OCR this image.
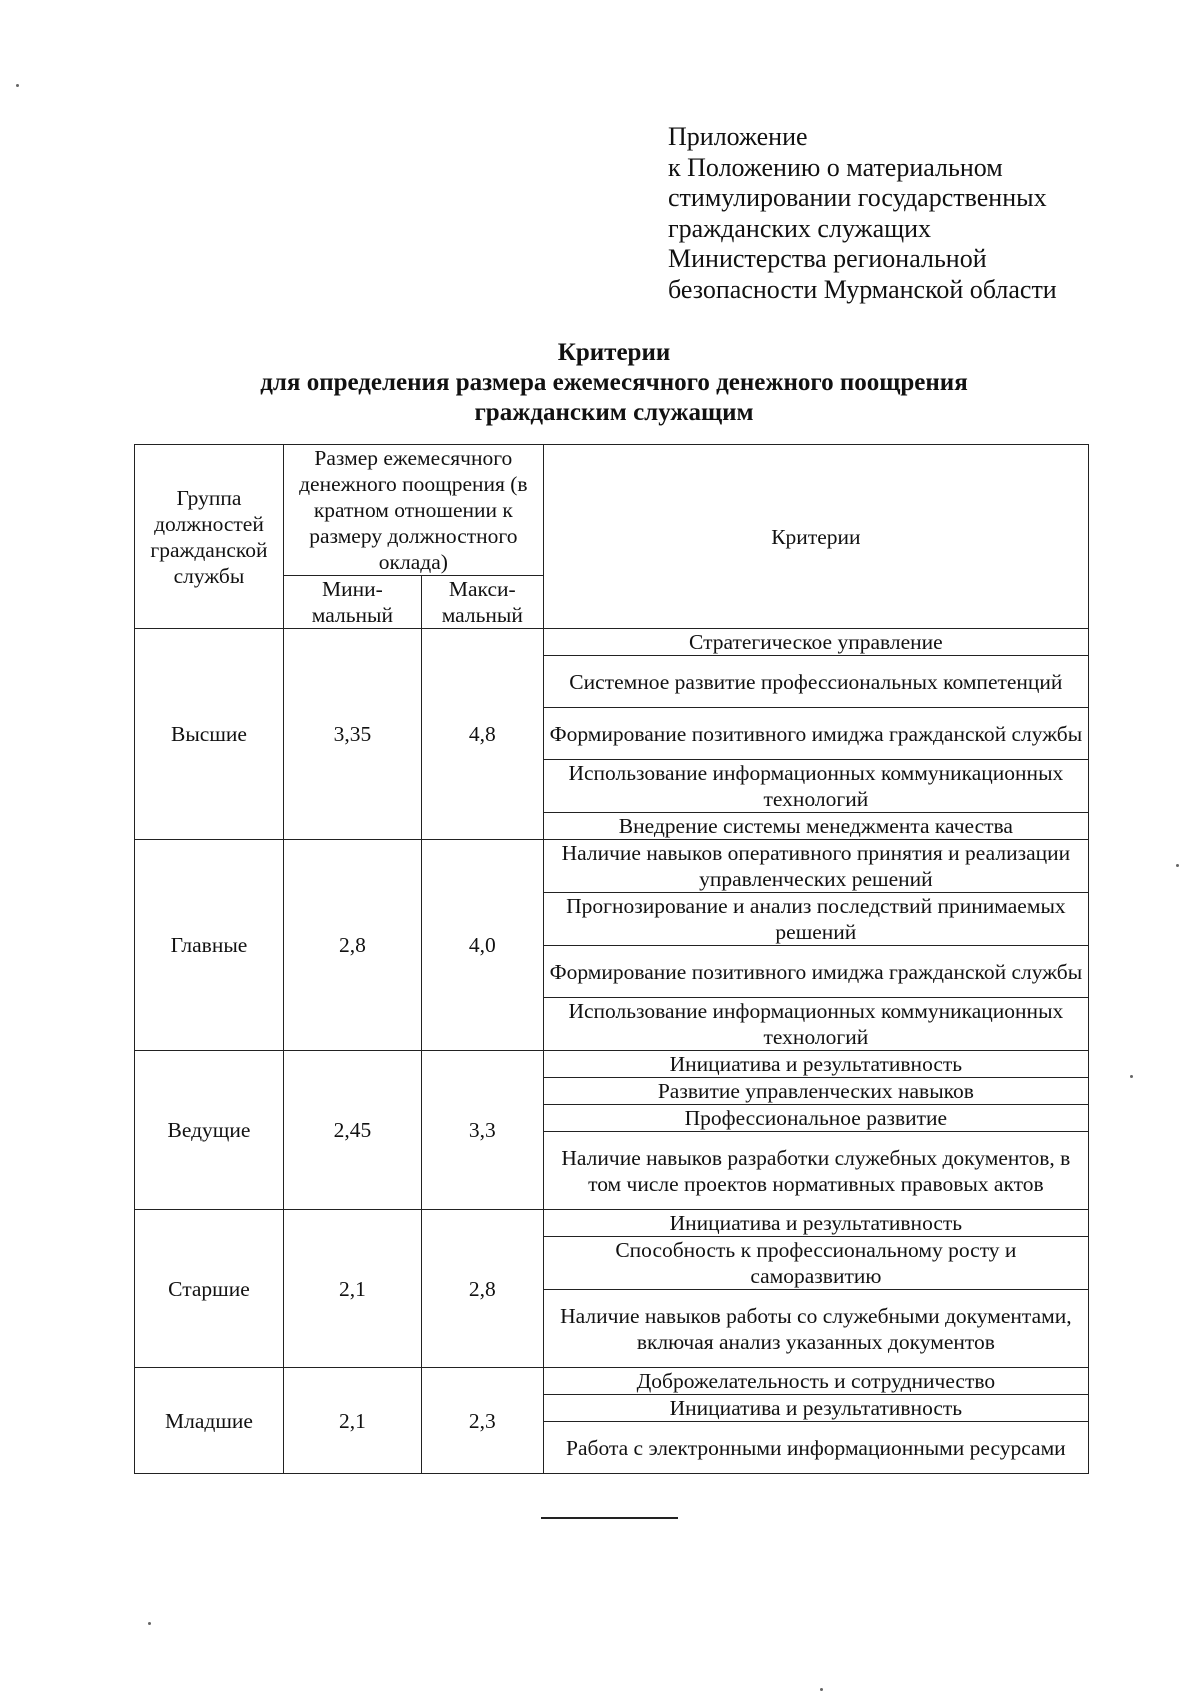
Приложение
к Положению о материальном
стимулировании государственных
гражданских служащих
Министерства региональной
безопасности Мурманской области
Критерии
для определения размера ежемесячного денежного поощрения
гражданским служащим
Группа должностей гражданской службы	Размер ежемесячного денежного поощрения (в кратном отношении к размеру должностного оклада)		Критерии
	Мини-мальный	Макси-мальный	
Высшие	3,35	4,8	Стратегическое управление
			Системное развитие профессиональных компетенций
			Формирование позитивного имиджа гражданской службы
			Использование информационных коммуникационных технологий
			Внедрение системы менеджмента качества
Главные	2,8	4,0	Наличие навыков оперативного принятия и реализации управленческих решений
			Прогнозирование и анализ последствий принимаемых решений
			Формирование позитивного имиджа гражданской службы
			Использование информационных коммуникационных технологий
Ведущие	2,45	3,3	Инициатива и результативность
			Развитие управленческих навыков
			Профессиональное развитие
			Наличие навыков разработки служебных документов, в том числе проектов нормативных правовых актов
Старшие	2,1	2,8	Инициатива и результативность
			Способность к профессиональному росту и саморазвитию
			Наличие навыков работы со служебными документами, включая анализ указанных документов
Младшие	2,1	2,3	Доброжелательность и сотрудничество
			Инициатива и результативность
			Работа с электронными информационными ресурсами
